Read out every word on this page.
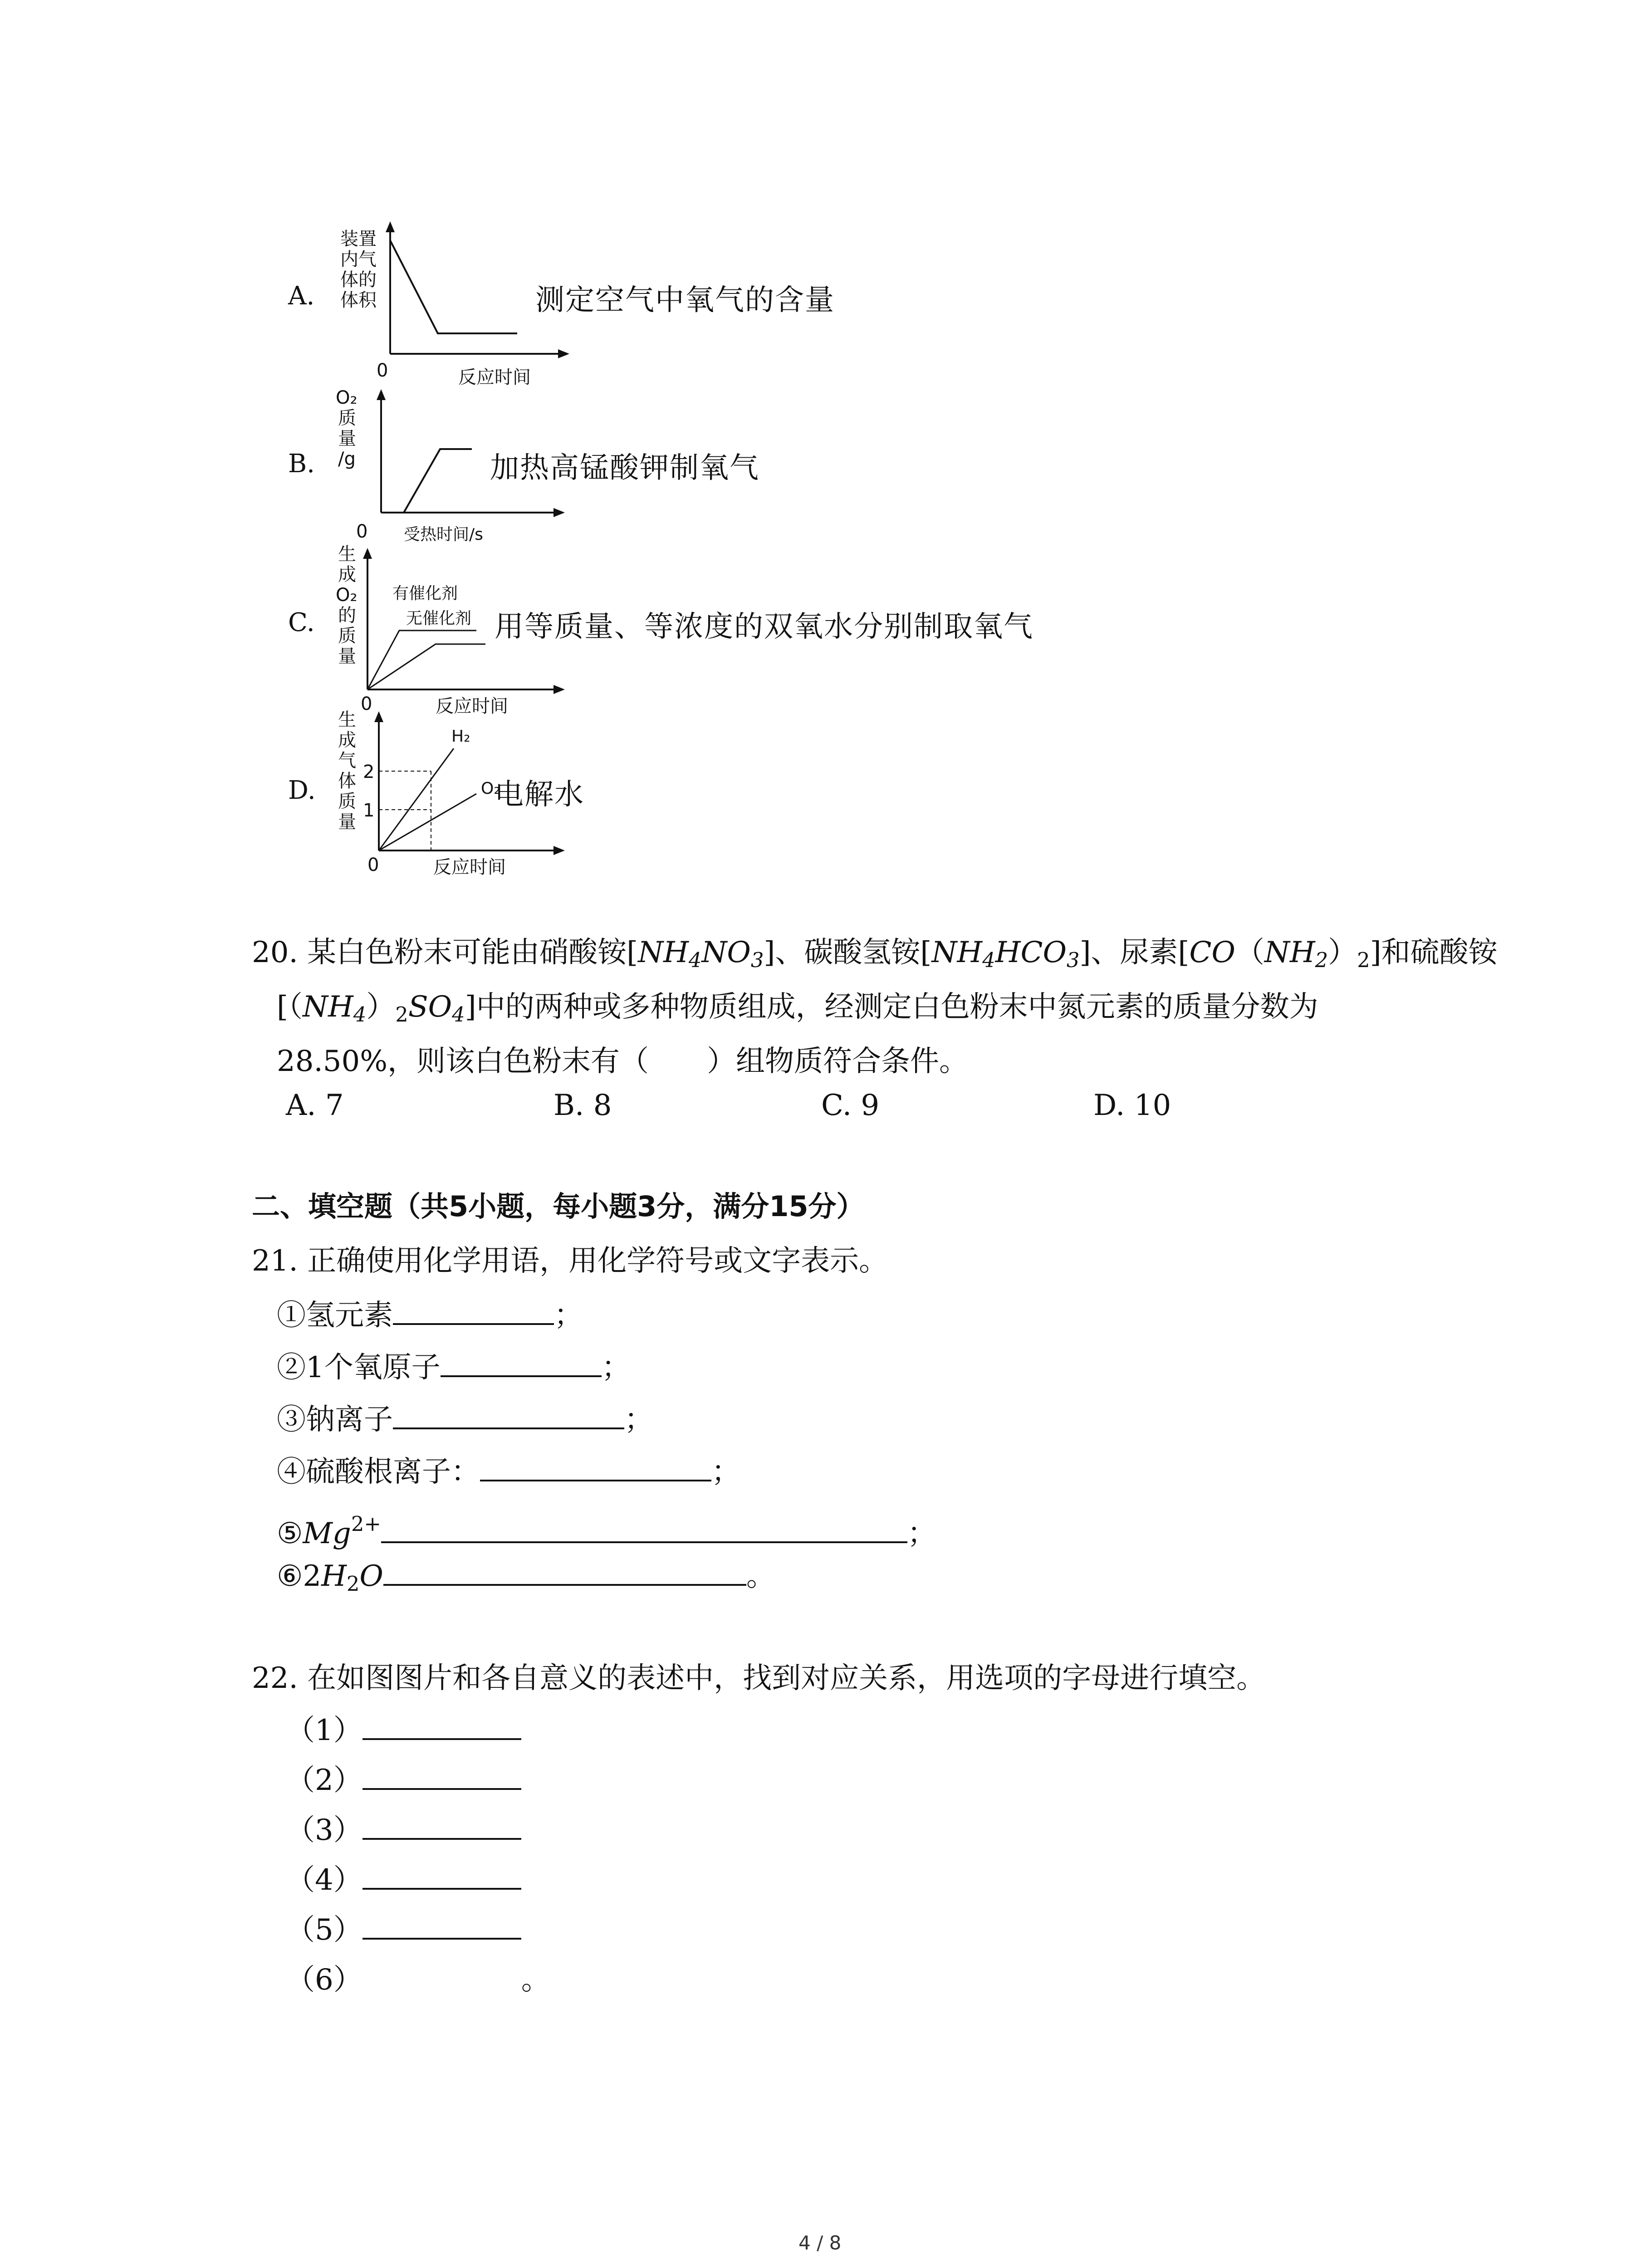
A.
装置
内气
体的
体积
0	反应时间
测定空气中氧气的含量
B.
O₂
质
量
/g
0 受热时间/s
加热高锰酸钾制氧气
C.
生
成
O₂
的
质
量
有催化剂
无催化剂
0	反应时间
用等质量、等浓度的双氧水分别制取氧气
D.
生
成
气
体
质
量
2
1
H₂
O₂
0	反应时间
电解水
20. 某白色粉末可能由硝酸铵$[NH_4NO_3]$、碳酸氢铵$[NH_4HCO_3]$、尿素$[CO(NH_2)_2]$和硫酸铵
$[(NH_4)_2SO_4]$中的两种或多种物质组成，经测定白色粉末中氮元素的质量分数为
28.50%，则该白色粉末有（　　）组物质符合条件。
A. 7	B. 8	C. 9	D. 10
二、填空题（共5小题，每小题3分，满分15分）
21. 正确使用化学用语，用化学符号或文字表示。
①氢元素	；
②1个氧原子	；
③钠离子	；
④硫酸根离子：	；
$⑤Mg^{2+}$	；
$⑥2H_2O$	。
22. 在如图图片和各自意义的表述中，找到对应关系，用选项的字母进行填空。
（1）
（2）
（3）
（4）
（5）
（6）	。
4 / 8
